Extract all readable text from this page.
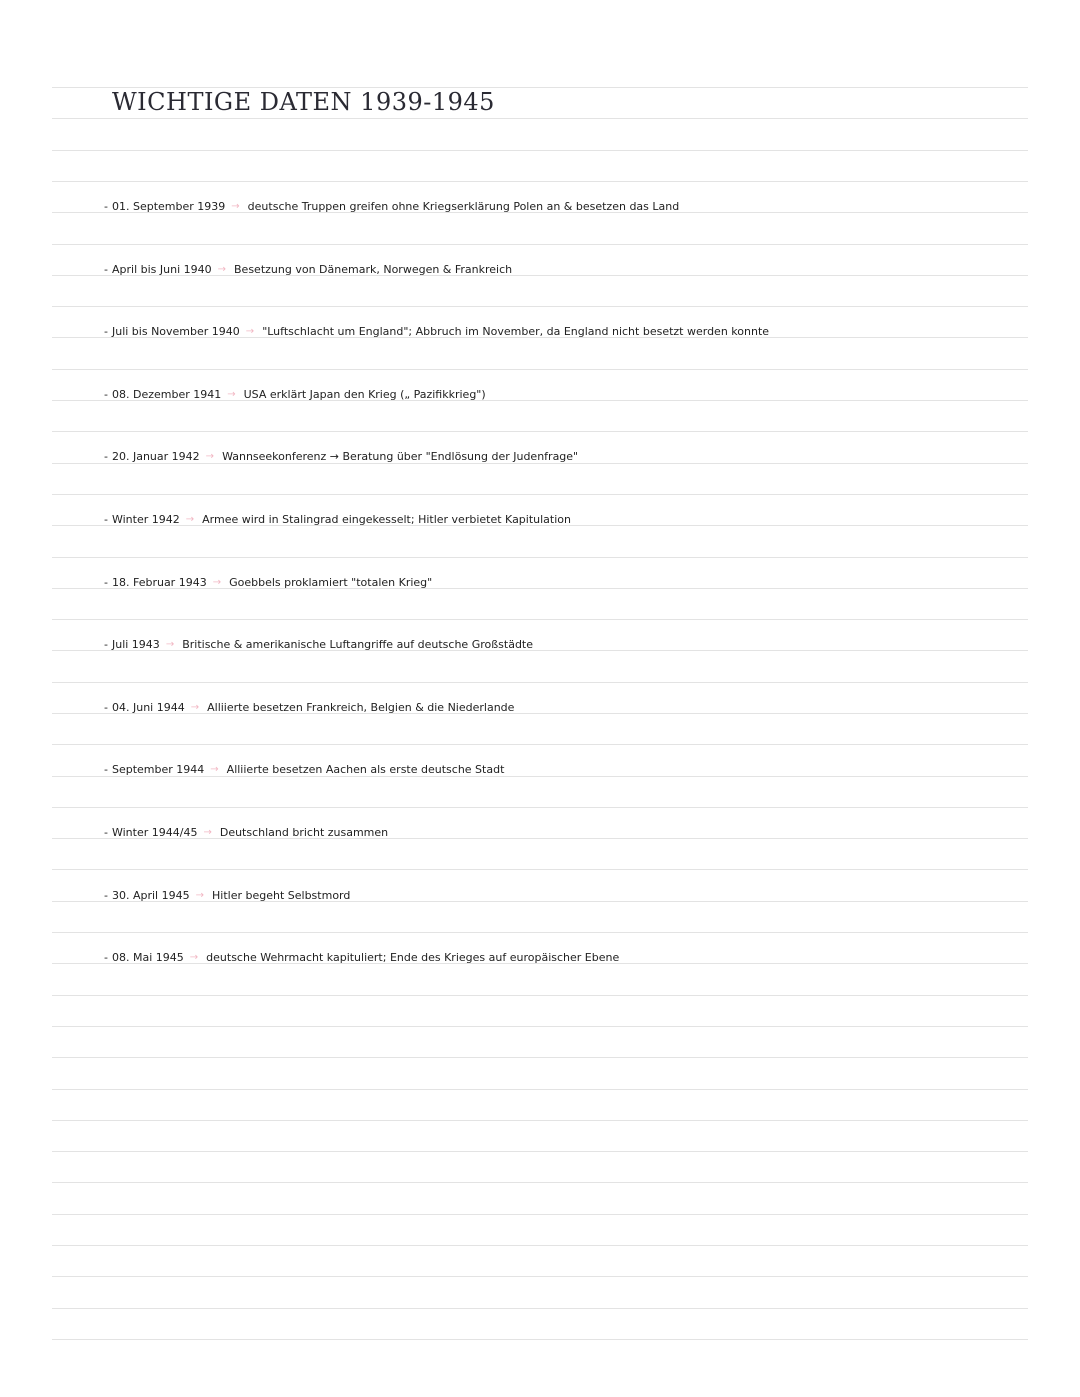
WICHTIGE DATEN 1939-1945
- 01. September 1939 → deutsche Truppen greifen ohne Kriegserklärung Polen an & besetzen das Land
- April bis Juni 1940 → Besetzung von Dänemark, Norwegen & Frankreich
- Juli bis November 1940 → "Luftschlacht um England"; Abbruch im November, da England nicht besetzt werden konnte
- 08. Dezember 1941 → USA erklärt Japan den Krieg („ Pazifikkrieg")
- 20. Januar 1942 → Wannseekonferenz → Beratung über "Endlösung der Judenfrage"
- Winter 1942 → Armee wird in Stalingrad eingekesselt; Hitler verbietet Kapitulation
- 18. Februar 1943 → Goebbels proklamiert "totalen Krieg"
- Juli 1943 → Britische & amerikanische Luftangriffe auf deutsche Großstädte
- 04. Juni 1944 → Alliierte besetzen Frankreich, Belgien & die Niederlande
- September 1944 → Alliierte besetzen Aachen als erste deutsche Stadt
- Winter 1944/45 → Deutschland bricht zusammen
- 30. April 1945 → Hitler begeht Selbstmord
- 08. Mai 1945 → deutsche Wehrmacht kapituliert; Ende des Krieges auf europäischer Ebene
